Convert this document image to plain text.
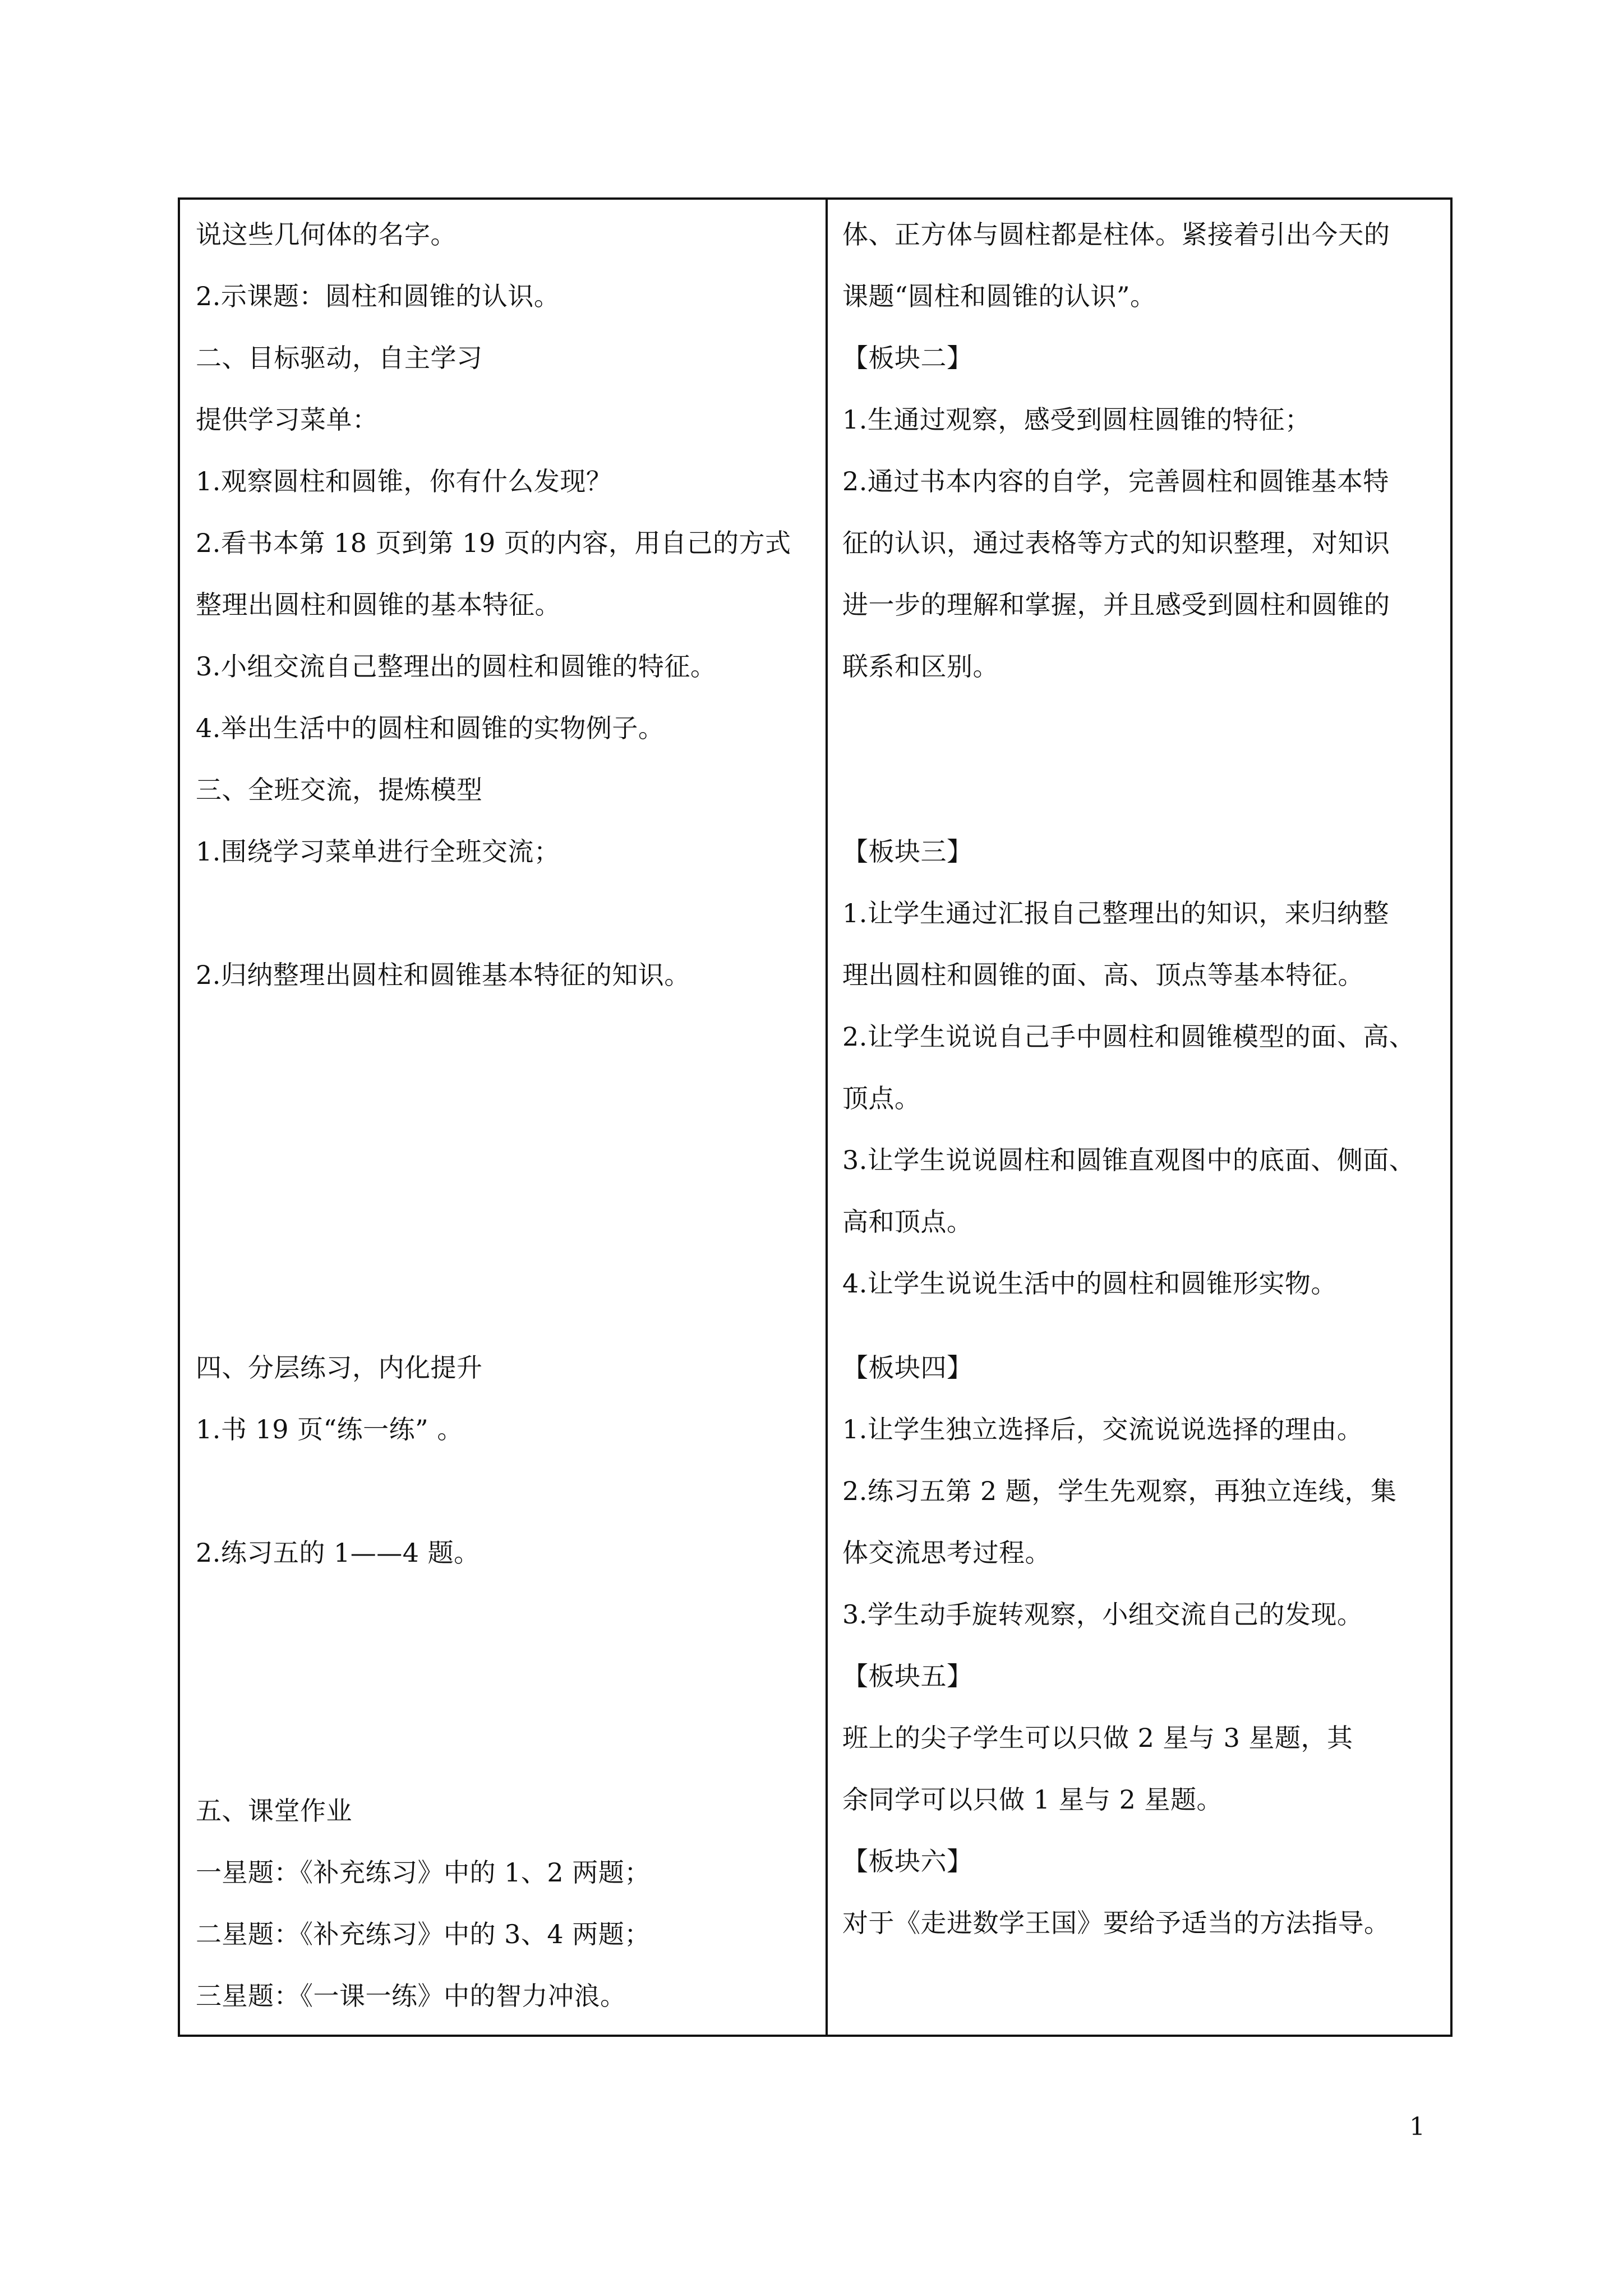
说这些几何体的名字。
2.示课题：圆柱和圆锥的认识。
二、目标驱动，自主学习
提供学习菜单：
1.观察圆柱和圆锥，你有什么发现？
2.看书本第 18 页到第 19 页的内容，用自己的方式
整理出圆柱和圆锥的基本特征。
3.小组交流自己整理出的圆柱和圆锥的特征。
4.举出生活中的圆柱和圆锥的实物例子。
三、全班交流，提炼模型
1.围绕学习菜单进行全班交流；
2.归纳整理出圆柱和圆锥基本特征的知识。
四、分层练习，内化提升
1.书 19 页“练一练” 。
2.练习五的 1——4 题。
五、课堂作业
一星题：《补充练习》中的 1、2 两题；
二星题：《补充练习》中的 3、4 两题；
三星题：《一课一练》中的智力冲浪。
体、正方体与圆柱都是柱体。紧接着引出今天的
课题“圆柱和圆锥的认识”。
【板块二】
1.生通过观察，感受到圆柱圆锥的特征；
2.通过书本内容的自学，完善圆柱和圆锥基本特
征的认识，通过表格等方式的知识整理，对知识
进一步的理解和掌握，并且感受到圆柱和圆锥的
联系和区别。
【板块三】
1.让学生通过汇报自己整理出的知识，来归纳整
理出圆柱和圆锥的面、高、顶点等基本特征。
2.让学生说说自己手中圆柱和圆锥模型的面、高、
顶点。
3.让学生说说圆柱和圆锥直观图中的底面、侧面、
高和顶点。
4.让学生说说生活中的圆柱和圆锥形实物。
【板块四】
1.让学生独立选择后，交流说说选择的理由。
2.练习五第 2 题，学生先观察，再独立连线，集
体交流思考过程。
3.学生动手旋转观察，小组交流自己的发现。
【板块五】
班上的尖子学生可以只做 2 星与 3 星题，其
余同学可以只做 1 星与 2 星题。
【板块六】
对于《走进数学王国》要给予适当的方法指导。
1
